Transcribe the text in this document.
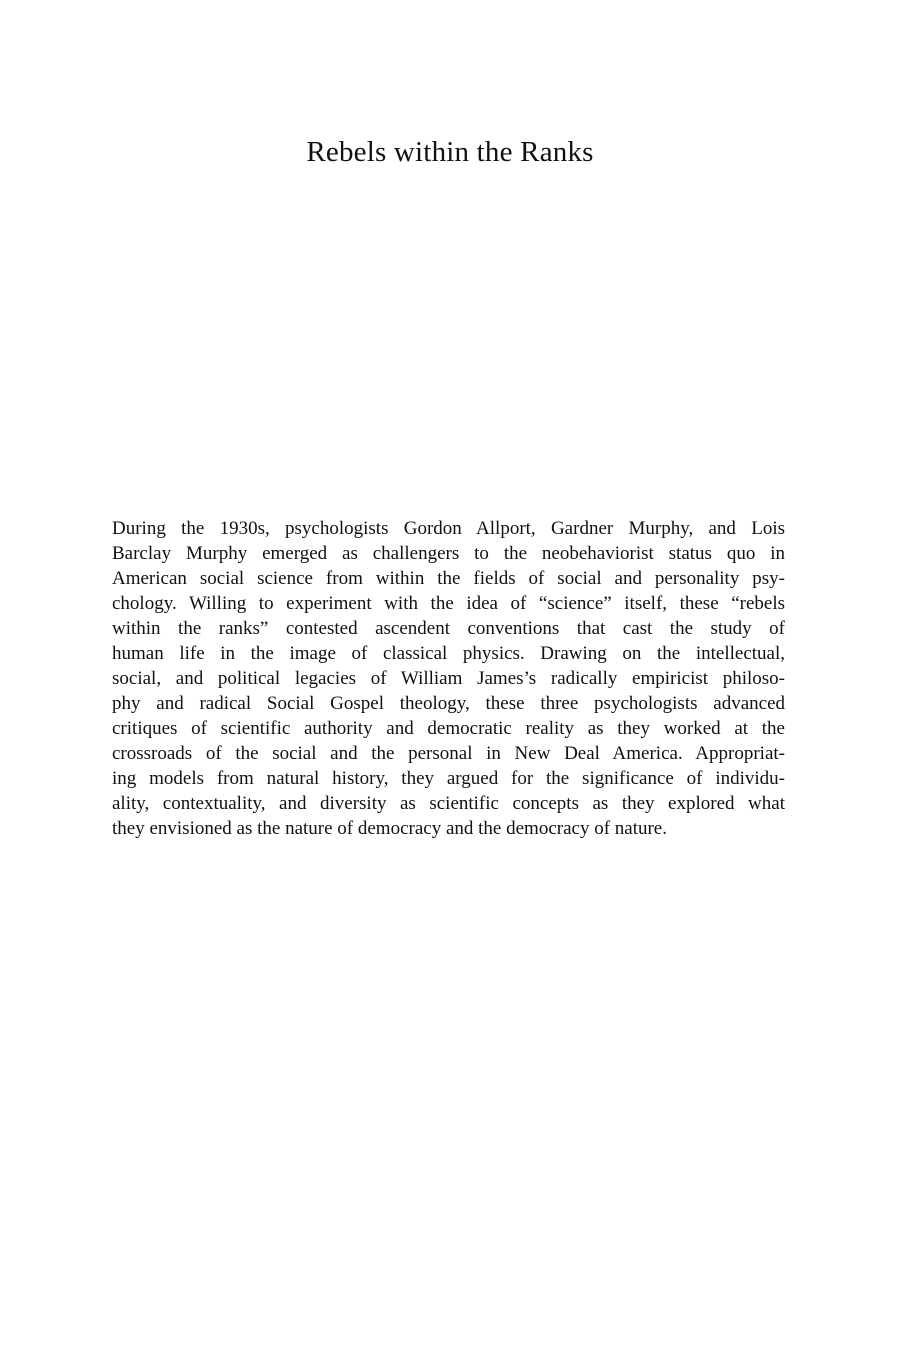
Rebels within the Ranks
During the 1930s, psychologists Gordon Allport, Gardner Murphy, and Lois
Barclay Murphy emerged as challengers to the neobehaviorist status quo in
American social science from within the fields of social and personality psy-
chology. Willing to experiment with the idea of “science” itself, these “rebels
within the ranks” contested ascendent conventions that cast the study of
human life in the image of classical physics. Drawing on the intellectual,
social, and political legacies of William James’s radically empiricist philoso-
phy and radical Social Gospel theology, these three psychologists advanced
critiques of scientific authority and democratic reality as they worked at the
crossroads of the social and the personal in New Deal America. Appropriat-
ing models from natural history, they argued for the significance of individu-
ality, contextuality, and diversity as scientific concepts as they explored what
they envisioned as the nature of democracy and the democracy of nature.
